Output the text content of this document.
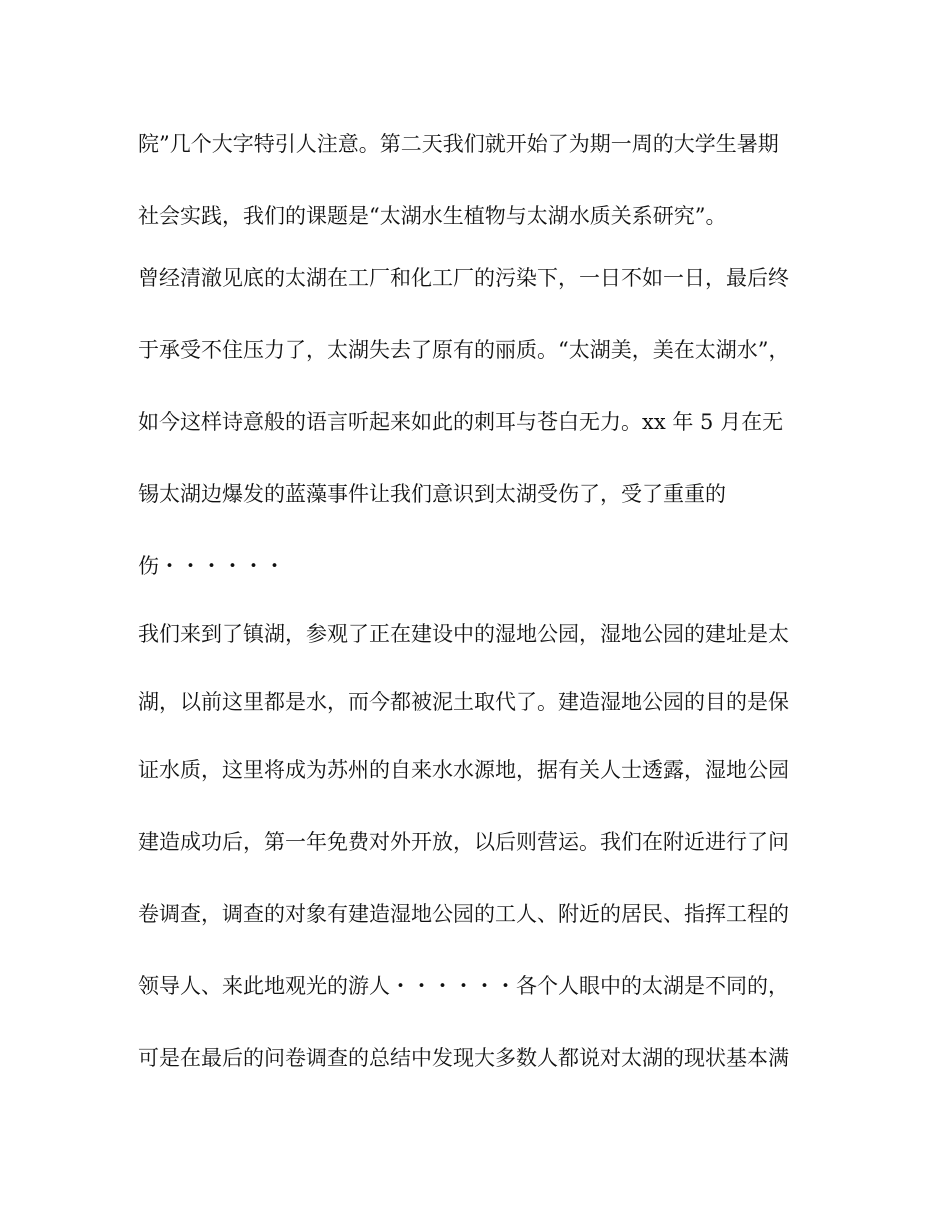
院”几个大字特引人注意。第二天我们就开始了为期一周的大学生暑期
社会实践，我们的课题是“太湖水生植物与太湖水质关系研究”。
曾经清澈见底的太湖在工厂和化工厂的污染下，一日不如一日，最后终
于承受不住压力了，太湖失去了原有的丽质。“太湖美，美在太湖水”，
如今这样诗意般的语言听起来如此的刺耳与苍白无力。xx 年 5 月在无
锡太湖边爆发的蓝藻事件让我们意识到太湖受伤了，受了重重的
伤・・・・・・
我们来到了镇湖，参观了正在建设中的湿地公园，湿地公园的建址是太
湖，以前这里都是水，而今都被泥土取代了。建造湿地公园的目的是保
证水质，这里将成为苏州的自来水水源地，据有关人士透露，湿地公园
建造成功后，第一年免费对外开放，以后则营运。我们在附近进行了问
卷调查，调查的对象有建造湿地公园的工人、附近的居民、指挥工程的
领导人、来此地观光的游人・・・・・・各个人眼中的太湖是不同的，
可是在最后的问卷调查的总结中发现大多数人都说对太湖的现状基本满
